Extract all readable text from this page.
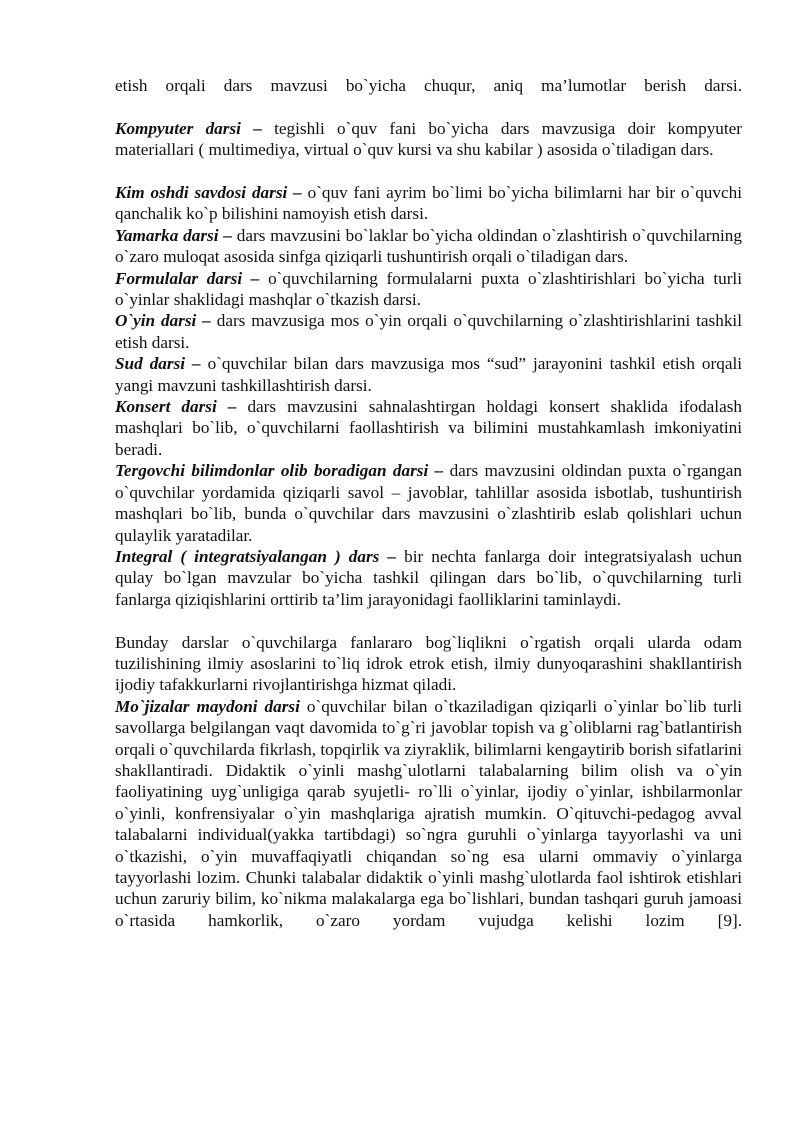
etish orqali dars mavzusi bo`yicha chuqur, aniq ma’lumotlar berish darsi.

Kompyuter darsi – tegishli o`quv fani bo`yicha dars mavzusiga doir kompyuter materiallari ( multimediya, virtual o`quv kursi va shu kabilar ) asosida o`tiladigan dars.

Kim oshdi savdosi darsi – o`quv fani ayrim bo`limi bo`yicha bilimlarni har bir o`quvchi qanchalik ko`p bilishini namoyish etish darsi.

Yamarka darsi – dars mavzusini bo`laklar bo`yicha oldindan o`zlashtirish o`quvchilarning o`zaro muloqat asosida sinfga qiziqarli tushuntirish orqali o`tiladigan dars.

Formulalar darsi – o`quvchilarning formulalarni puxta o`zlashtirishlari bo`yicha turli o`yinlar shaklidagi mashqlar o`tkazish darsi.

O`yin darsi – dars mavzusiga mos o`yin orqali o`quvchilarning o`zlashtirishlarini tashkil etish darsi.

Sud darsi – o`quvchilar bilan dars mavzusiga mos “sud” jarayonini tashkil etish orqali yangi mavzuni tashkillashtirish darsi.

Konsert darsi – dars mavzusini sahnalashtirgan holdagi konsert shaklida ifodalash mashqlari bo`lib, o`quvchilarni faollashtirish va bilimini mustahkamlash imkoniyatini beradi.

Tergovchi bilimdonlar olib boradigan darsi – dars mavzusini oldindan puxta o`rgangan o`quvchilar yordamida qiziqarli savol – javoblar, tahlillar asosida isbotlab, tushuntirish mashqlari bo`lib, bunda o`quvchilar dars mavzusini o`zlashtirib eslab qolishlari uchun qulaylik yaratadilar.

Integral ( integratsiyalangan ) dars – bir nechta fanlarga doir integratsiyalash uchun qulay bo`lgan mavzular bo`yicha tashkil qilingan dars bo`lib, o`quvchilarning turli fanlarga qiziqishlarini orttirib ta’lim jarayonidagi faolliklarini taminlaydi.

Bunday darslar o`quvchilarga fanlararo bog`liqlikni o`rgatish orqali ularda odam tuzilishining ilmiy asoslarini to`liq idrok etrok etish, ilmiy dunyoqarashini shakllantirish ijodiy tafakkurlarni rivojlantirishga hizmat qiladi.

Mo`jizalar maydoni darsi o`quvchilar bilan o`tkaziladigan qiziqarli o`yinlar bo`lib turli savollarga belgilangan vaqt davomida to`g`ri javoblar topish va g`oliblarni rag`batlantirish orqali o`quvchilarda fikrlash, topqirlik va ziyraklik, bilimlarni kengaytirib borish sifatlarini shakllantiradi. Didaktik o`yinli mashg`ulotlarni talabalarning bilim olish va o`yin faoliyatining uyg`unligiga qarab syujetli- ro`lli o`yinlar, ijodiy o`yinlar, ishbilarmonlar o`yinli, konfrensiyalar o`yin mashqlariga ajratish mumkin. O`qituvchi-pedagog avval talabalarni individual(yakka tartibdagi) so`ngra guruhli o`yinlarga tayyorlashi va uni o`tkazishi, o`yin muvaffaqiyatli chiqandan so`ng esa ularni ommaviy o`yinlarga tayyorlashi lozim. Chunki talabalar didaktik o`yinli mashg`ulotlarda faol ishtirok etishlari uchun zaruriy bilim, ko`nikma malakalarga ega bo`lishlari, bundan tashqari guruh jamoasi o`rtasida hamkorlik, o`zaro yordam vujudga kelishi lozim [9].
